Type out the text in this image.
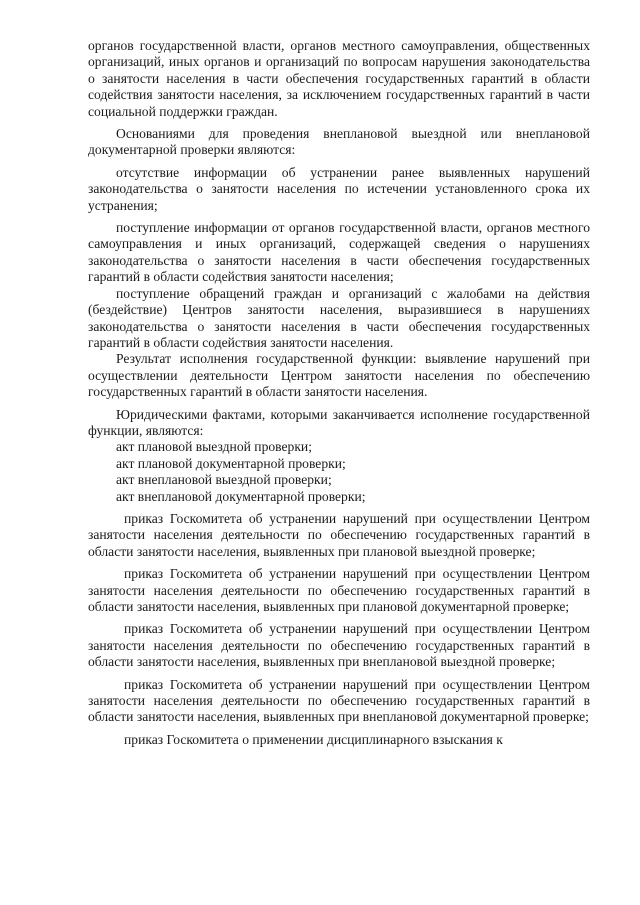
органов государственной власти, органов местного самоуправления, общественных организаций, иных органов и организаций по вопросам нарушения законодательства о занятости населения в части обеспечения государственных гарантий в области содействия занятости населения, за исключением государственных гарантий в части социальной поддержки граждан.

Основаниями для проведения внеплановой выездной или внеплановой документарной проверки являются:

отсутствие информации об устранении ранее выявленных нарушений законодательства о занятости населения по истечении установленного срока их устранения;

поступление информации от органов государственной власти, органов местного самоуправления и иных организаций, содержащей сведения о нарушениях законодательства о занятости населения в части обеспечения государственных гарантий в области содействия занятости населения;

поступление обращений граждан и организаций с жалобами на действия (бездействие) Центров занятости населения, выразившиеся в нарушениях законодательства о занятости населения в части обеспечения государственных гарантий в области содействия занятости населения.

Результат исполнения государственной функции: выявление нарушений при осуществлении деятельности Центром занятости населения по обеспечению государственных гарантий в области занятости населения.

Юридическими фактами, которыми заканчивается исполнение государственной функции, являются:

акт плановой выездной проверки;

акт плановой документарной проверки;

акт внеплановой выездной проверки;

акт внеплановой документарной проверки;

приказ Госкомитета об устранении нарушений при осуществлении Центром занятости населения деятельности по обеспечению государственных гарантий в области занятости населения, выявленных при плановой выездной проверке;

приказ Госкомитета об устранении нарушений при осуществлении Центром занятости населения деятельности по обеспечению государственных гарантий в области занятости населения, выявленных при плановой документарной проверке;

приказ Госкомитета об устранении нарушений при осуществлении Центром занятости населения деятельности по обеспечению государственных гарантий в области занятости населения, выявленных при внеплановой выездной проверке;

приказ Госкомитета об устранении нарушений при осуществлении Центром занятости населения деятельности по обеспечению государственных гарантий в области занятости населения, выявленных при внеплановой документарной проверке;

приказ Госкомитета о применении дисциплинарного взыскания к
